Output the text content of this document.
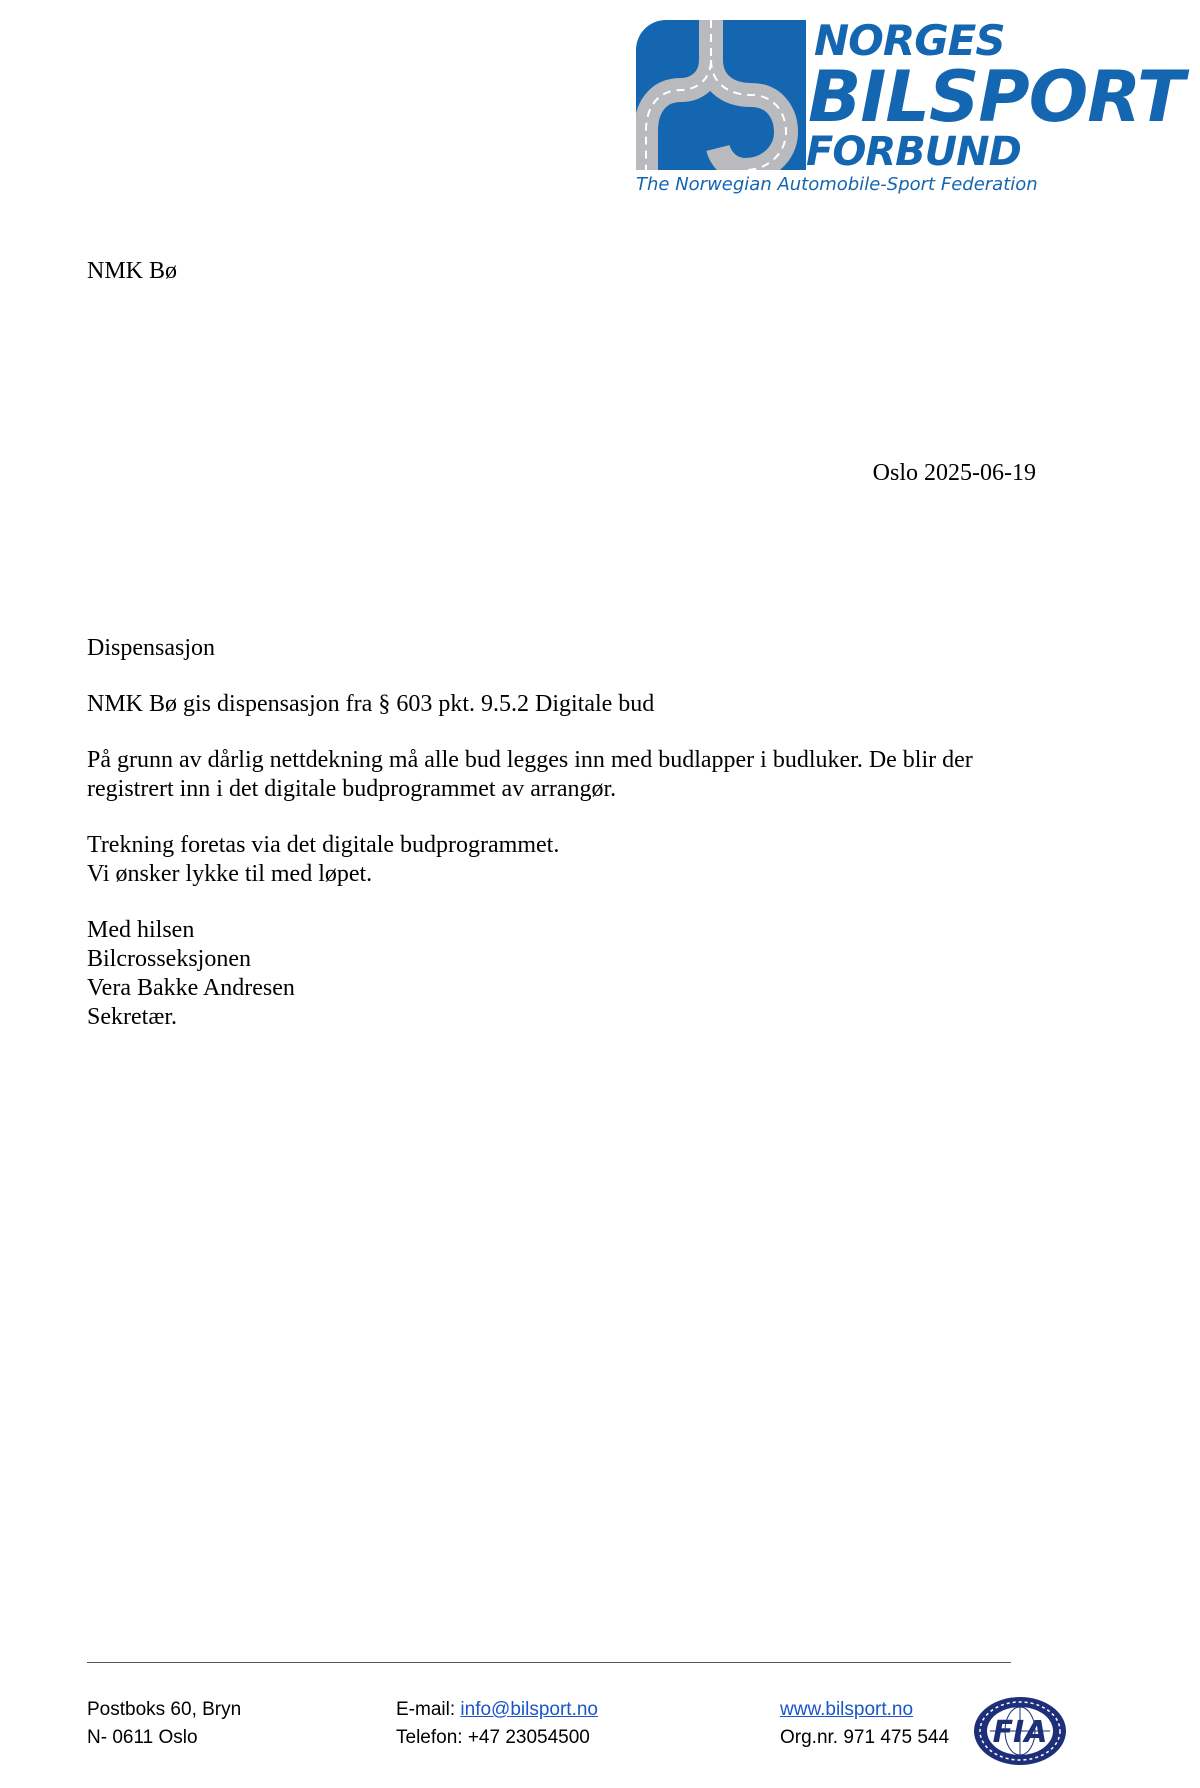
NORGES
BILSPORT
FORBUND
The Norwegian Automobile-Sport Federation
NMK Bø
Oslo 2025-06-19

Dispensasjon

NMK Bø gis dispensasjon fra § 603 pkt. 9.5.2 Digitale bud

På grunn av dårlig nettdekning må alle bud legges inn med budlapper i budluker. De blir der
registrert inn i det digitale budprogrammet av arrangør.

Trekning foretas via det digitale budprogrammet.
Vi ønsker lykke til med løpet.

Med hilsen
Bilcrosseksjonen
Vera Bakke Andresen
Sekretær.

Postboks 60, Bryn
N- 0611 Oslo
E-mail: info@bilsport.no
Telefon: +47 23054500
www.bilsport.no
Org.nr. 971 475 544 FIA
